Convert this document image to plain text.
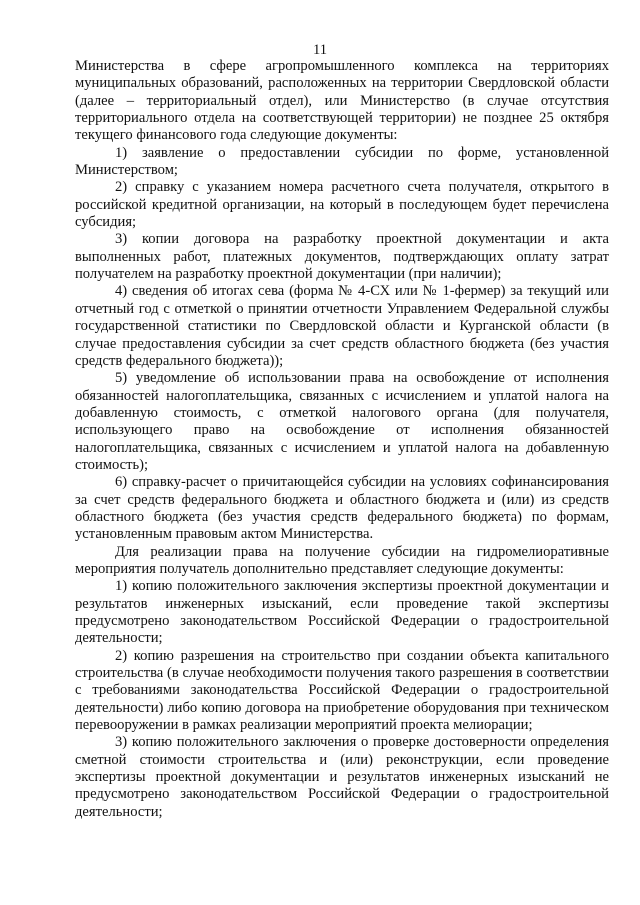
11

Министерства в сфере агропромышленного комплекса на территориях муниципальных образований, расположенных на территории Свердловской области (далее – территориальный отдел), или Министерство (в случае отсутствия территориального отдела на соответствующей территории) не позднее 25 октября текущего финансового года следующие документы:

1) заявление о предоставлении субсидии по форме, установленной Министерством;

2) справку с указанием номера расчетного счета получателя, открытого в российской кредитной организации, на который в последующем будет перечислена субсидия;

3) копии договора на разработку проектной документации и акта выполненных работ, платежных документов, подтверждающих оплату затрат получателем на разработку проектной документации (при наличии);

4) сведения об итогах сева (форма № 4-СХ или № 1-фермер) за текущий или отчетный год с отметкой о принятии отчетности Управлением Федеральной службы государственной статистики по Свердловской области и Курганской области (в случае предоставления субсидии за счет средств областного бюджета (без участия средств федерального бюджета));

5) уведомление об использовании права на освобождение от исполнения обязанностей налогоплательщика, связанных с исчислением и уплатой налога на добавленную стоимость, с отметкой налогового органа (для получателя, использующего право на освобождение от исполнения обязанностей налогоплательщика, связанных с исчислением и уплатой налога на добавленную стоимость);

6) справку-расчет о причитающейся субсидии на условиях софинансирования за счет средств федерального бюджета и областного бюджета и (или) из средств областного бюджета (без участия средств федерального бюджета) по формам, установленным правовым актом Министерства.

Для реализации права на получение субсидии на гидромелиоративные мероприятия получатель дополнительно представляет следующие документы:

1) копию положительного заключения экспертизы проектной документации и результатов инженерных изысканий, если проведение такой экспертизы предусмотрено законодательством Российской Федерации о градостроительной деятельности;

2) копию разрешения на строительство при создании объекта капитального строительства (в случае необходимости получения такого разрешения в соответствии с требованиями законодательства Российской Федерации о градостроительной деятельности) либо копию договора на приобретение оборудования при техническом перевооружении в рамках реализации мероприятий проекта мелиорации;

3) копию положительного заключения о проверке достоверности определения сметной стоимости строительства и (или) реконструкции, если проведение экспертизы проектной документации и результатов инженерных изысканий не предусмотрено законодательством Российской Федерации о градостроительной деятельности;
